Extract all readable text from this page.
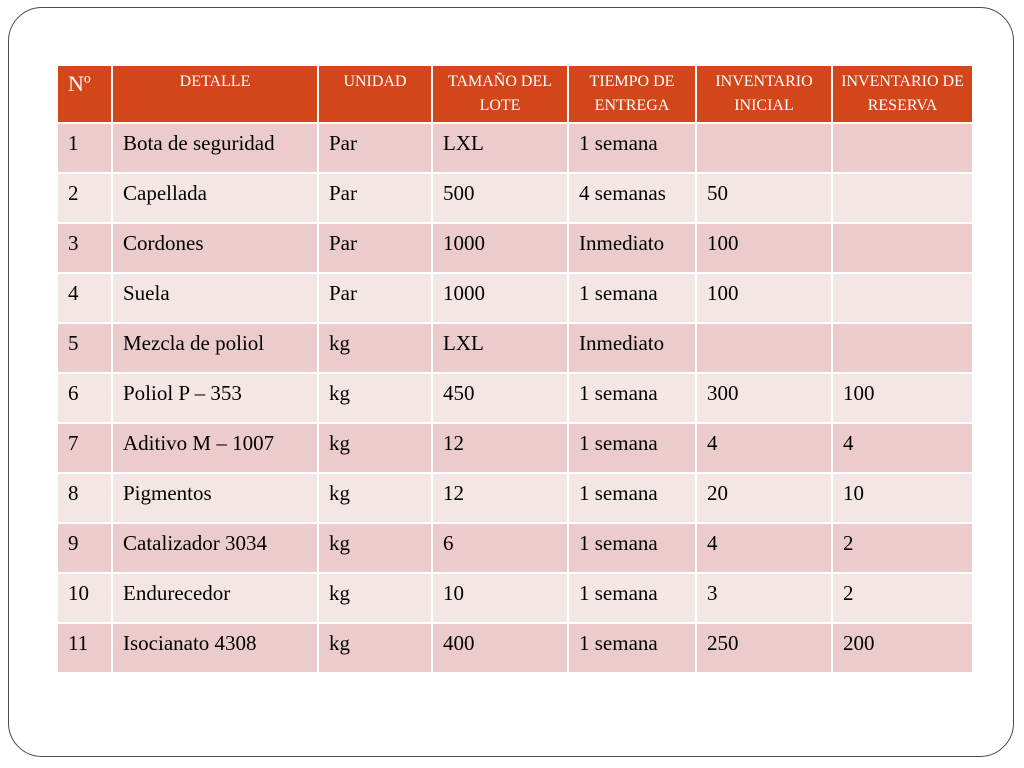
Nº	DETALLE	UNIDAD	TAMAÑO DEL LOTE	TIEMPO DE ENTREGA	INVENTARIO INICIAL	INVENTARIO DE RESERVA
1	Bota de seguridad	Par	LXL	1 semana		
2	Capellada	Par	500	4 semanas	50	
3	Cordones	Par	1000	Inmediato	100	
4	Suela	Par	1000	1 semana	100	
5	Mezcla de poliol	kg	LXL	Inmediato		
6	Poliol P – 353	kg	450	1 semana	300	100
7	Aditivo M – 1007	kg	12	1 semana	4	4
8	Pigmentos	kg	12	1 semana	20	10
9	Catalizador 3034	kg	6	1 semana	4	2
10	Endurecedor	kg	10	1 semana	3	2
11	Isocianato 4308	kg	400	1 semana	250	200
